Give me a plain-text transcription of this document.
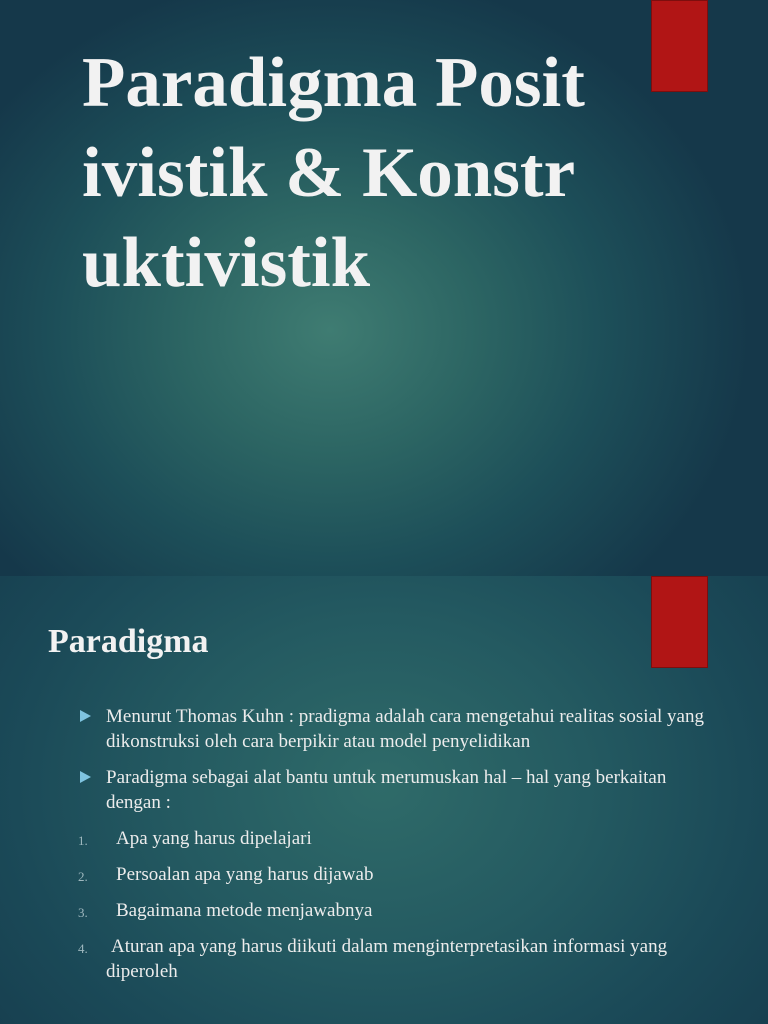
Paradigma Positivistik & Konstruktivistik
Paradigma
Menurut Thomas Kuhn : pradigma adalah cara mengetahui realitas sosial yang dikonstruksi oleh cara berpikir atau model penyelidikan
Paradigma sebagai alat bantu untuk merumuskan hal – hal yang berkaitan dengan :
1. Apa yang harus dipelajari
2. Persoalan apa yang harus dijawab
3. Bagaimana metode menjawabnya
4. Aturan apa yang harus diikuti dalam menginterpretasikan informasi yang diperoleh
